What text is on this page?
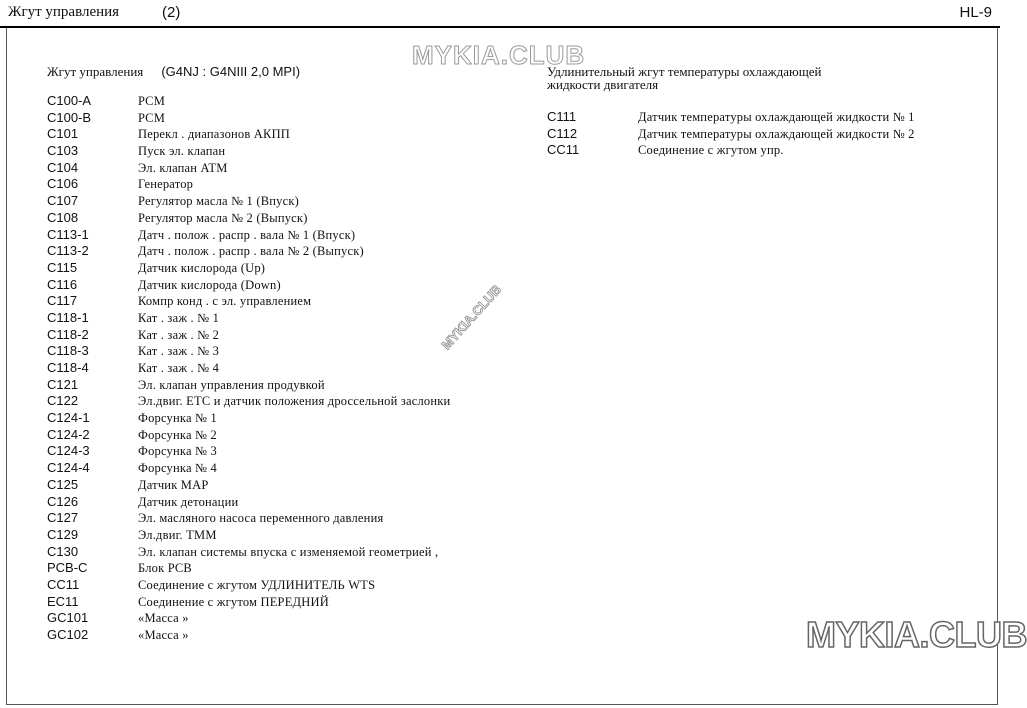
Жгут управления	(2)	HL-9
MYKIA.CLUB
MYKIA.CLUB
MYKIA.CLUB
Жгут управления (G4NJ : G4NIII 2,0 MPI)
C100-A	PCM
C100-B	PCM
C101	Перекл . диапазонов АКПП
C103	Пуск эл. клапан
C104	Эл. клапан ATM
C106	Генератор
C107	Регулятор масла № 1 (Впуск)
C108	Регулятор масла № 2 (Выпуск)
C113-1	Датч . полож . распр . вала № 1 (Впуск)
C113-2	Датч . полож . распр . вала № 2 (Выпуск)
C115	Датчик кислорода (Up)
C116	Датчик кислорода (Down)
C117	Компр конд . с эл. управлением
C118-1	Кат . заж . № 1
C118-2	Кат . заж . № 2
C118-3	Кат . заж . № 3
C118-4	Кат . заж . № 4
C121	Эл. клапан управления продувкой
C122	Эл.двиг. ETC и датчик положения дроссельной заслонки
C124-1	Форсунка № 1
C124-2	Форсунка № 2
C124-3	Форсунка № 3
C124-4	Форсунка № 4
C125	Датчик MAP
C126	Датчик детонации
C127	Эл. масляного насоса переменного давления
C129	Эл.двиг. TMM
C130	Эл. клапан системы впуска с изменяемой геометрией ,
PCB-C	Блок PCB
CC11	Соединение с жгутом УДЛИНИТЕЛЬ WTS
EC11	Соединение с жгутом ПЕРЕДНИЙ
GC101	«Масса »
GC102	«Масса »
Удлинительный жгут температуры охлаждающей
жидкости двигателя
C111	Датчик температуры охлаждающей жидкости № 1
C112	Датчик температуры охлаждающей жидкости № 2
CC11	Соединение с жгутом упр.
